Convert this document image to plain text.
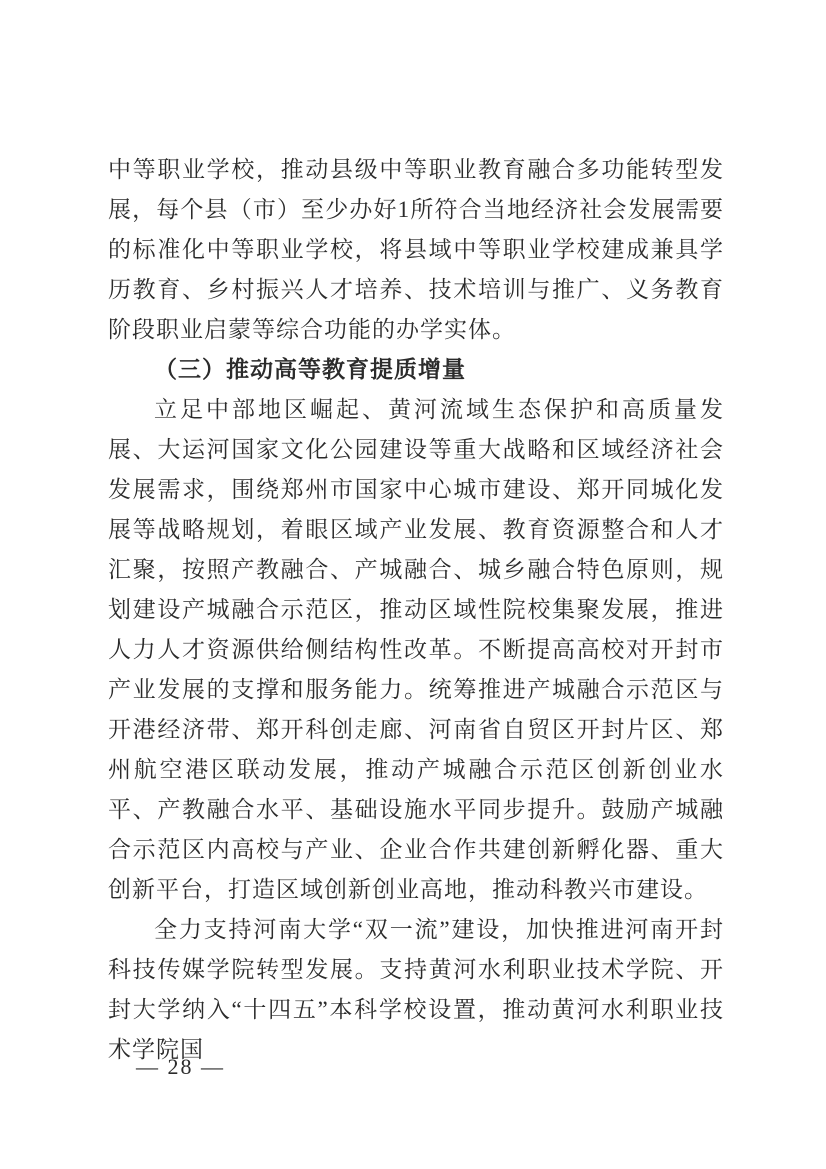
中等职业学校，推动县级中等职业教育融合多功能转型发展，每个县（市）至少办好1所符合当地经济社会发展需要的标准化中等职业学校，将县域中等职业学校建成兼具学历教育、乡村振兴人才培养、技术培训与推广、义务教育阶段职业启蒙等综合功能的办学实体。

（三）推动高等教育提质增量

立足中部地区崛起、黄河流域生态保护和高质量发展、大运河国家文化公园建设等重大战略和区域经济社会发展需求，围绕郑州市国家中心城市建设、郑开同城化发展等战略规划，着眼区域产业发展、教育资源整合和人才汇聚，按照产教融合、产城融合、城乡融合特色原则，规划建设产城融合示范区，推动区域性院校集聚发展，推进人力人才资源供给侧结构性改革。不断提高高校对开封市产业发展的支撑和服务能力。统筹推进产城融合示范区与开港经济带、郑开科创走廊、河南省自贸区开封片区、郑州航空港区联动发展，推动产城融合示范区创新创业水平、产教融合水平、基础设施水平同步提升。鼓励产城融合示范区内高校与产业、企业合作共建创新孵化器、重大创新平台，打造区域创新创业高地，推动科教兴市建设。

全力支持河南大学“双一流”建设，加快推进河南开封科技传媒学院转型发展。支持黄河水利职业技术学院、开封大学纳入“十四五”本科学校设置，推动黄河水利职业技术学院国

— 28 —
